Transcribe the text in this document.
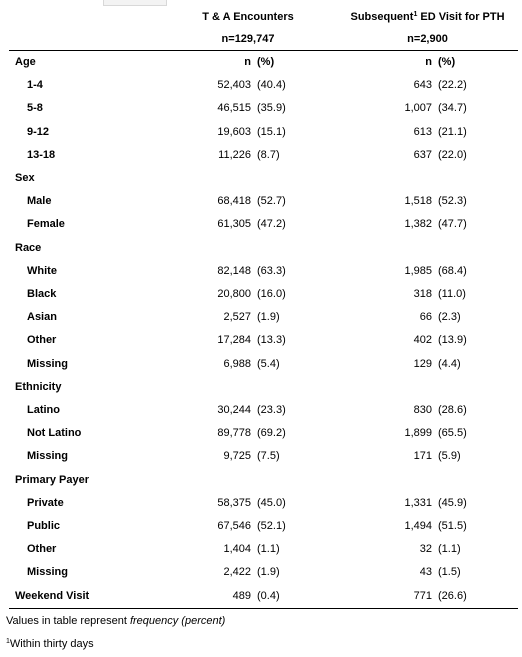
	T & A Encounters		Subsequent$^1$ ED Visit for PTH	
	n=129,747		n=2,900	
Age	n	(%)	n	(%)
1-4	52,403	(40.4)	643	(22.2)
5-8	46,515	(35.9)	1,007	(34.7)
9-12	19,603	(15.1)	613	(21.1)
13-18	11,226	(8.7)	637	(22.0)
Sex				
Male	68,418	(52.7)	1,518	(52.3)
Female	61,305	(47.2)	1,382	(47.7)
Race				
White	82,148	(63.3)	1,985	(68.4)
Black	20,800	(16.0)	318	(11.0)
Asian	2,527	(1.9)	66	(2.3)
Other	17,284	(13.3)	402	(13.9)
Missing	6,988	(5.4)	129	(4.4)
Ethnicity				
Latino	30,244	(23.3)	830	(28.6)
Not Latino	89,778	(69.2)	1,899	(65.5)
Missing	9,725	(7.5)	171	(5.9)
Primary Payer				
Private	58,375	(45.0)	1,331	(45.9)
Public	67,546	(52.1)	1,494	(51.5)
Other	1,404	(1.1)	32	(1.1)
Missing	2,422	(1.9)	43	(1.5)
Weekend Visit	489	(0.4)	771	(26.6)
Values in table represent frequency (percent)
$^1$Within thirty days
